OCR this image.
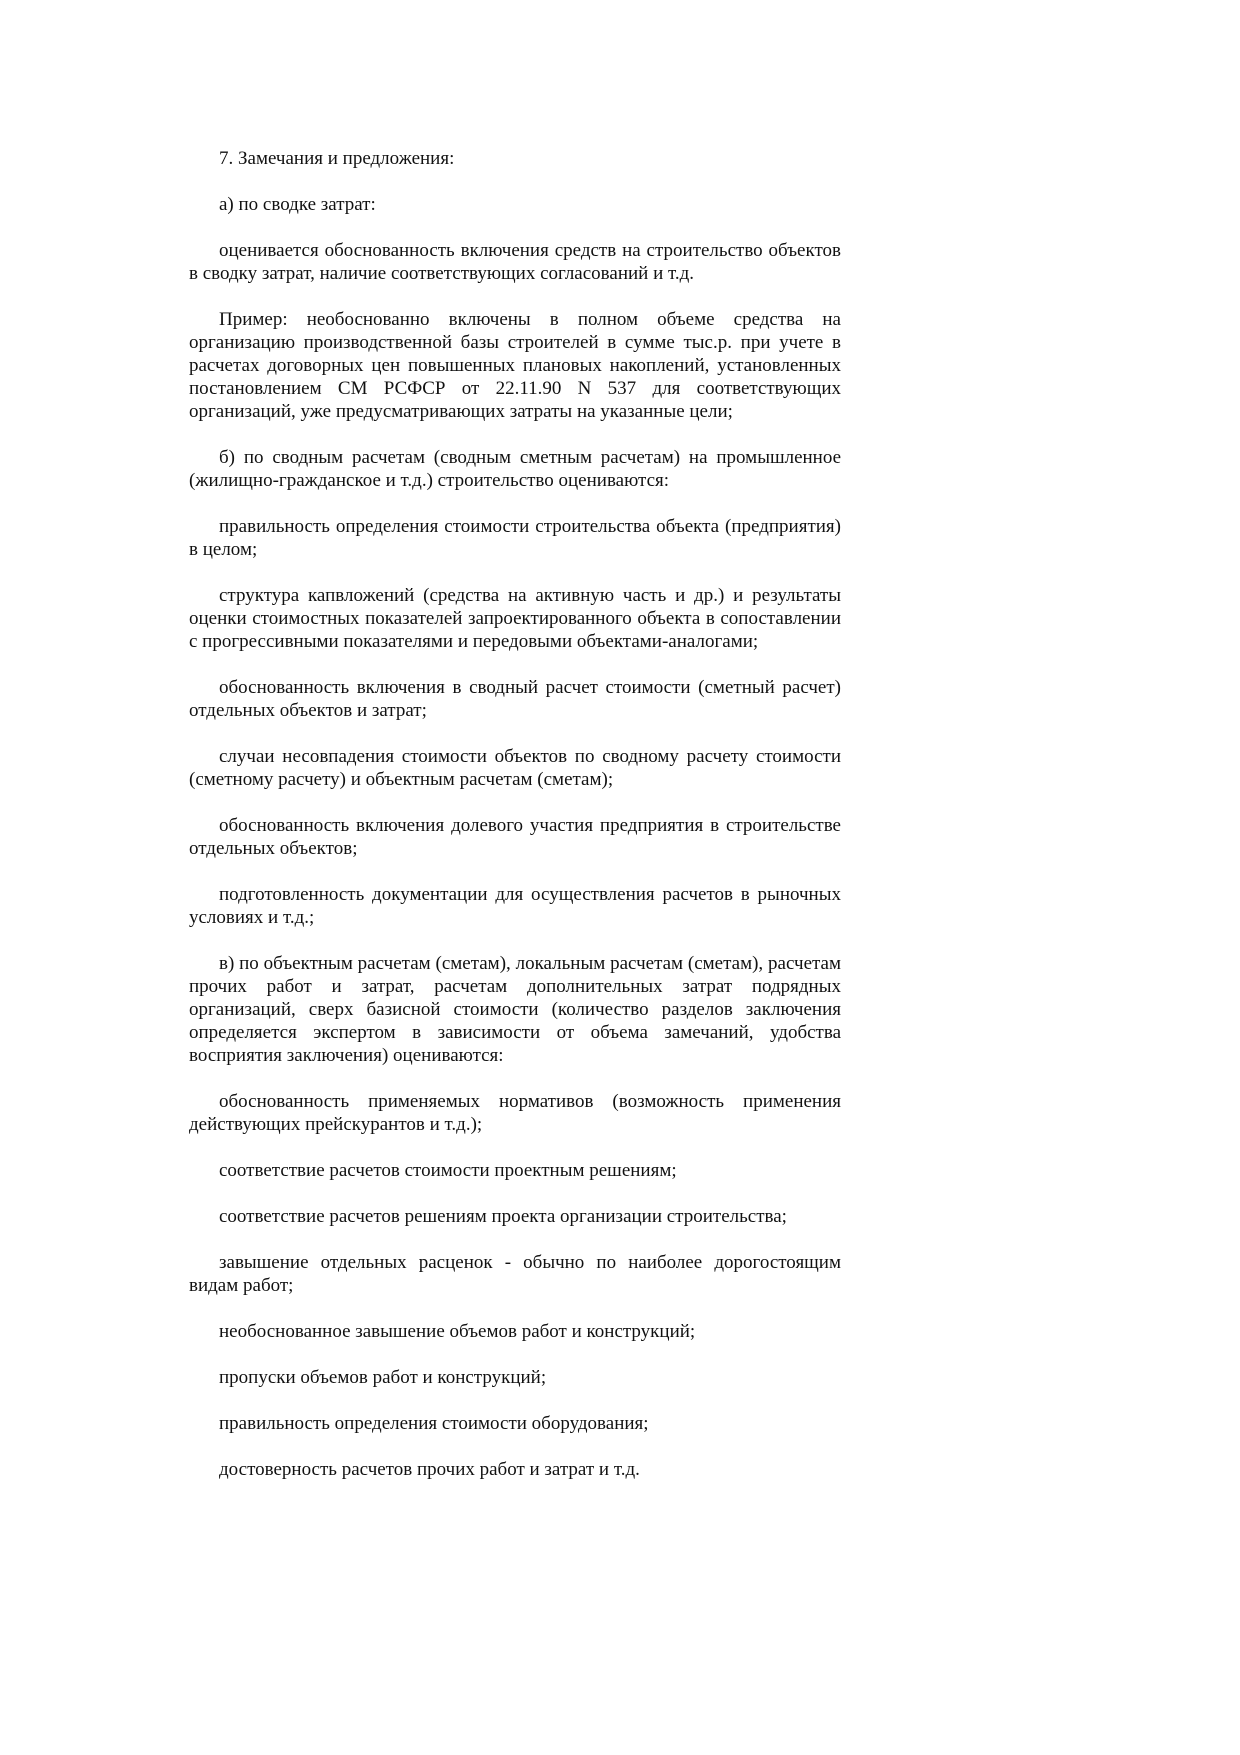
7. Замечания и предложения:

а) по сводке затрат:

оценивается обоснованность включения средств на строительство объектов в сводку затрат, наличие соответствующих согласований и т.д.

Пример: необоснованно включены в полном объеме средства на организацию производственной базы строителей в сумме тыс.р. при учете в расчетах договорных цен повышенных плановых накоплений, установленных постановлением СМ РСФСР от 22.11.90 N 537 для соответствующих организаций, уже предусматривающих затраты на указанные цели;

б) по сводным расчетам (сводным сметным расчетам) на промышленное (жилищно-гражданское и т.д.) строительство оцениваются:

правильность определения стоимости строительства объекта (предприятия) в целом;

структура капвложений (средства на активную часть и др.) и результаты оценки стоимостных показателей запроектированного объекта в сопоставлении с прогрессивными показателями и передовыми объектами-аналогами;

обоснованность включения в сводный расчет стоимости (сметный расчет) отдельных объектов и затрат;

случаи несовпадения стоимости объектов по сводному расчету стоимости (сметному расчету) и объектным расчетам (сметам);

обоснованность включения долевого участия предприятия в строительстве отдельных объектов;

подготовленность документации для осуществления расчетов в рыночных условиях и т.д.;

в) по объектным расчетам (сметам), локальным расчетам (сметам), расчетам прочих работ и затрат, расчетам дополнительных затрат подрядных организаций, сверх базисной стоимости (количество разделов заключения определяется экспертом в зависимости от объема замечаний, удобства восприятия заключения) оцениваются:

обоснованность применяемых нормативов (возможность применения действующих прейскурантов и т.д.);

соответствие расчетов стоимости проектным решениям;

соответствие расчетов решениям проекта организации строительства;

завышение отдельных расценок - обычно по наиболее дорогостоящим видам работ;

необоснованное завышение объемов работ и конструкций;

пропуски объемов работ и конструкций;

правильность определения стоимости оборудования;

достоверность расчетов прочих работ и затрат и т.д.
